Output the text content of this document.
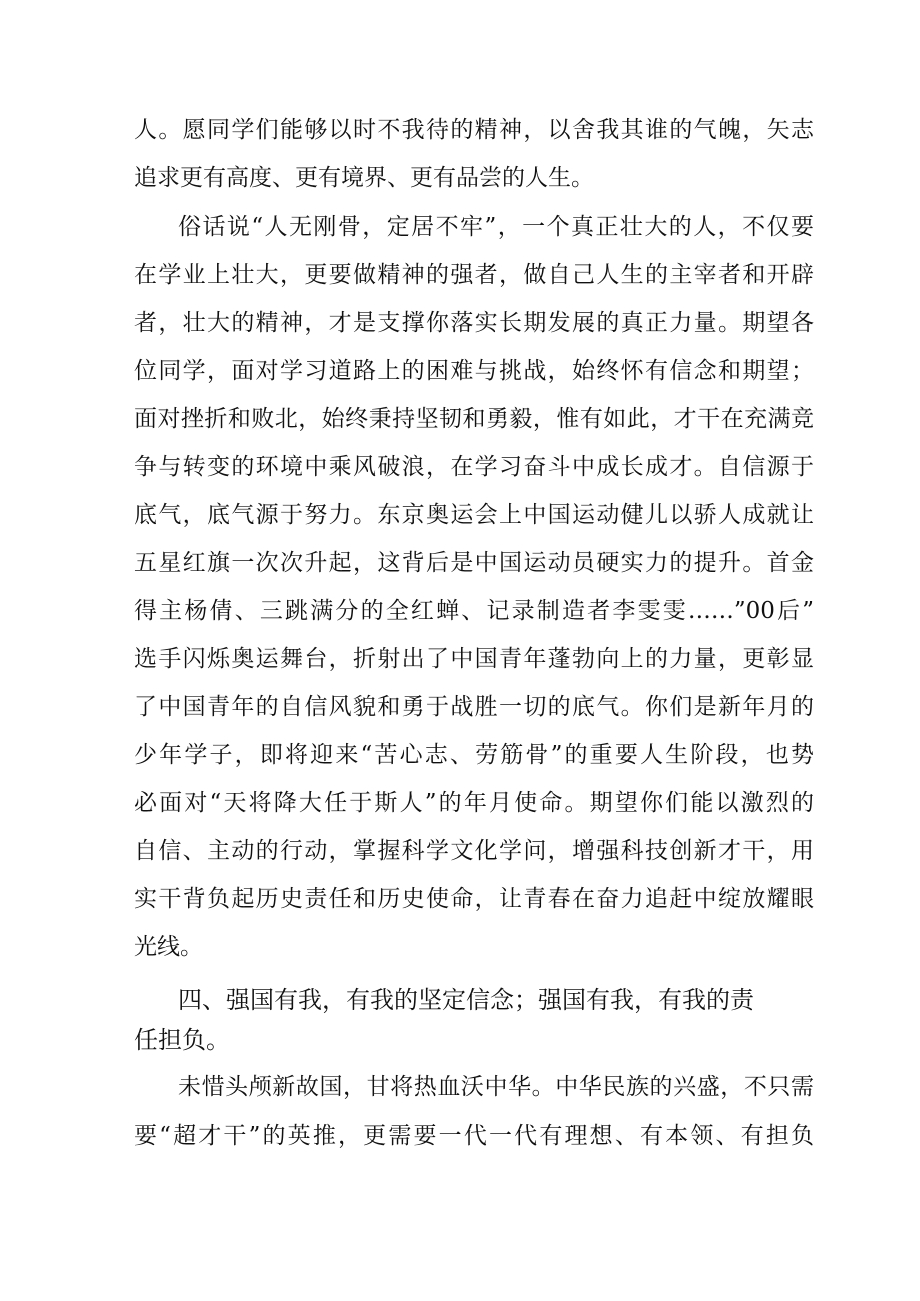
人。愿同学们能够以时不我待的精神，以舍我其谁的气魄，矢志

追求更有高度、更有境界、更有品尝的人生。

俗话说“人无刚骨，定居不牢”，一个真正壮大的人，不仅要

在学业上壮大，更要做精神的强者，做自己人生的主宰者和开辟

者，壮大的精神，才是支撑你落实长期发展的真正力量。期望各

位同学，面对学习道路上的困难与挑战，始终怀有信念和期望；

面对挫折和败北，始终秉持坚韧和勇毅，惟有如此，才干在充满竞

争与转变的环境中乘风破浪，在学习奋斗中成长成才。自信源于

底气，底气源于努力。东京奥运会上中国运动健儿以骄人成就让

五星红旗一次次升起，这背后是中国运动员硬实力的提升。首金

得主杨倩、三跳满分的全红蝉、记录制造者李雯雯……”00后”

选手闪烁奥运舞台，折射出了中国青年蓬勃向上的力量，更彰显

了中国青年的自信风貌和勇于战胜一切的底气。你们是新年月的

少年学子，即将迎来“苦心志、劳筋骨”的重要人生阶段，也势

必面对“天将降大任于斯人”的年月使命。期望你们能以激烈的

自信、主动的行动，掌握科学文化学问，增强科技创新才干，用

实干背负起历史责任和历史使命，让青春在奋力追赶中绽放耀眼

光线。

四、强国有我，有我的坚定信念；强国有我，有我的责

任担负。

未惜头颅新故国，甘将热血沃中华。中华民族的兴盛，不只需

要“超才干”的英推，更需要一代一代有理想、有本领、有担负
